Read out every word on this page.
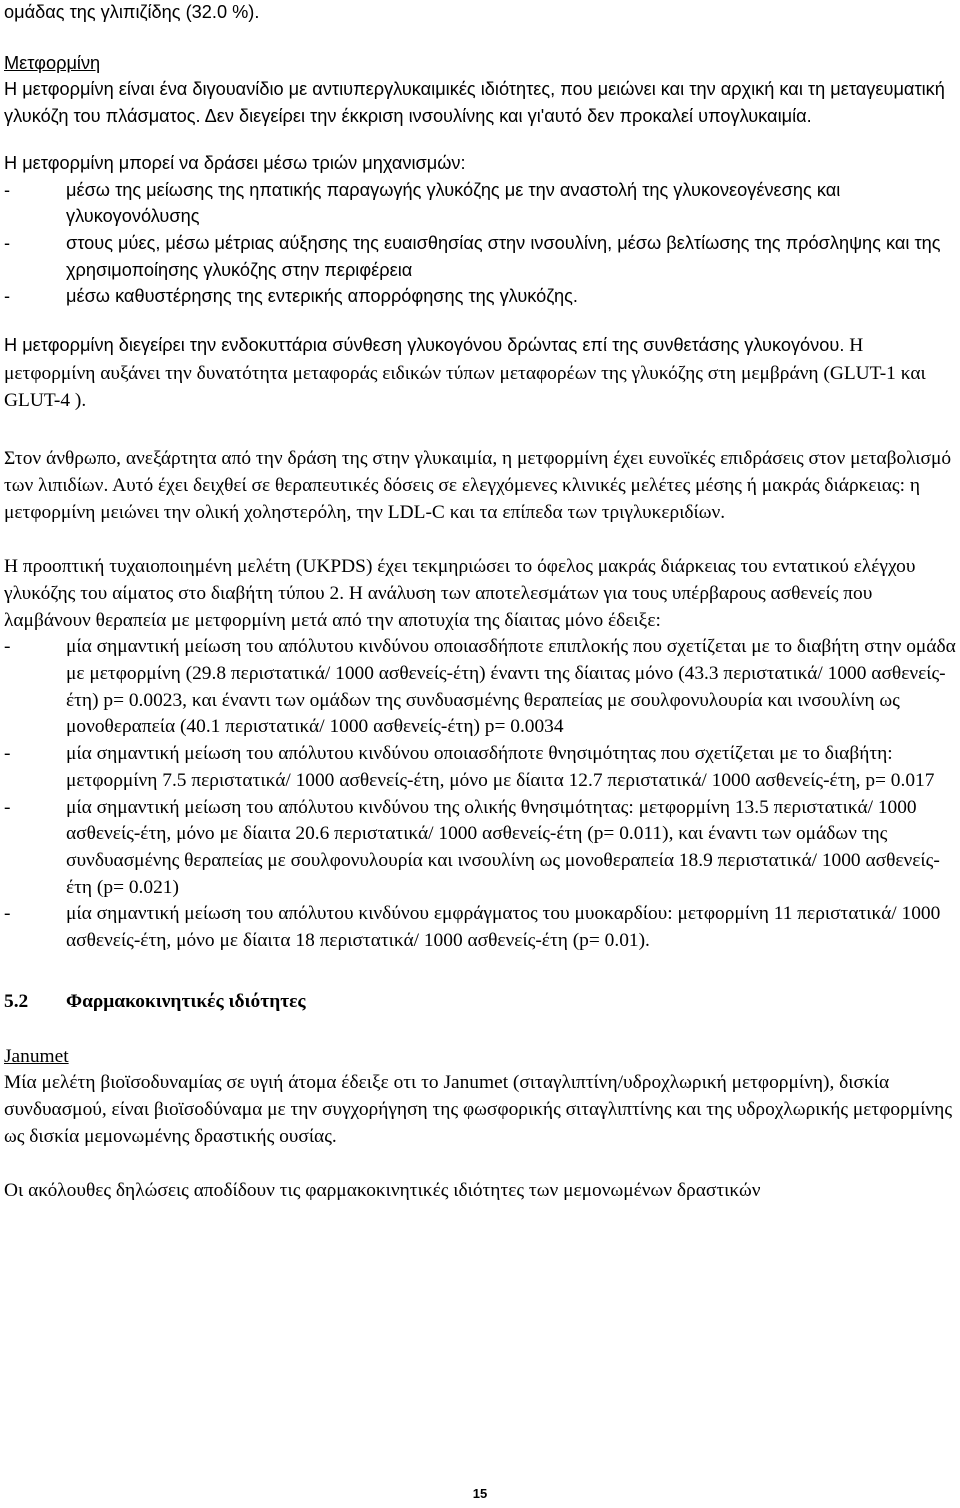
ομάδας της γλιπιζίδης (32.0 %).

Μετφορμίνη

Η μετφορμίνη είναι ένα διγουανίδιο με αντιυπεργλυκαιμικές ιδιότητες, που μειώνει και την αρχική και τη μεταγευματική γλυκόζη του πλάσματος. Δεν διεγείρει την έκκριση ινσουλίνης και γι'αυτό δεν προκαλεί υπογλυκαιμία.

Η μετφορμίνη μπορεί να δράσει μέσω τριών μηχανισμών:

-	μέσω της μείωσης της ηπατικής παραγωγής γλυκόζης με την αναστολή της γλυκονεογένεσης και γλυκογονόλυσης
-	στους μύες, μέσω μέτριας αύξησης της ευαισθησίας στην ινσουλίνη, μέσω βελτίωσης της πρόσληψης και της χρησιμοποίησης γλυκόζης στην περιφέρεια
-	μέσω καθυστέρησης της εντερικής απορρόφησης της γλυκόζης.

Η μετφορμίνη διεγείρει την ενδοκυττάρια σύνθεση γλυκογόνου δρώντας επί της συνθετάσης γλυκογόνου. Η μετφορμίνη αυξάνει την δυνατότητα μεταφοράς ειδικών τύπων μεταφορέων της γλυκόζης στη μεμβράνη (GLUT-1 και GLUT-4 ).

Στον άνθρωπο, ανεξάρτητα από την δράση της στην γλυκαιμία, η μετφορμίνη έχει ευνοϊκές επιδράσεις στον μεταβολισμό των λιπιδίων. Αυτό έχει δειχθεί σε θεραπευτικές δόσεις σε ελεγχόμενες κλινικές μελέτες μέσης ή μακράς διάρκειας: η μετφορμίνη μειώνει την ολική χοληστερόλη, την LDL-C και τα επίπεδα των τριγλυκεριδίων.

Η προοπτική τυχαιοποιημένη μελέτη (UKPDS) έχει τεκμηριώσει το όφελος μακράς διάρκειας του εντατικού ελέγχου γλυκόζης του αίματος στο διαβήτη τύπου 2. Η ανάλυση των αποτελεσμάτων για τους υπέρβαρους ασθενείς που λαμβάνουν θεραπεία με μετφορμίνη μετά από την αποτυχία της δίαιτας μόνο έδειξε:

-	μία σημαντική μείωση του απόλυτου κινδύνου οποιασδήποτε επιπλοκής που σχετίζεται με το διαβήτη στην ομάδα με μετφορμίνη (29.8 περιστατικά/ 1000 ασθενείς-έτη) έναντι της δίαιτας μόνο (43.3 περιστατικά/ 1000 ασθενείς-έτη) p= 0.0023, και έναντι των ομάδων της συνδυασμένης θεραπείας με σουλφονυλουρία και ινσουλίνη ως μονοθεραπεία (40.1 περιστατικά/ 1000 ασθενείς-έτη) p= 0.0034
-	μία σημαντική μείωση του απόλυτου κινδύνου οποιασδήποτε θνησιμότητας που σχετίζεται με το διαβήτη: μετφορμίνη 7.5 περιστατικά/ 1000 ασθενείς-έτη, μόνο με δίαιτα 12.7 περιστατικά/ 1000 ασθενείς-έτη, p= 0.017
-	μία σημαντική μείωση του απόλυτου κινδύνου της ολικής θνησιμότητας: μετφορμίνη 13.5 περιστατικά/ 1000 ασθενείς-έτη, μόνο με δίαιτα 20.6 περιστατικά/ 1000 ασθενείς-έτη (p= 0.011), και έναντι των ομάδων της συνδυασμένης θεραπείας με σουλφονυλουρία και ινσουλίνη ως μονοθεραπεία 18.9 περιστατικά/ 1000 ασθενείς-έτη (p= 0.021)
-	μία σημαντική μείωση του απόλυτου κινδύνου εμφράγματος του μυοκαρδίου: μετφορμίνη 11 περιστατικά/ 1000 ασθενείς-έτη, μόνο με δίαιτα 18 περιστατικά/ 1000 ασθενείς-έτη (p= 0.01).
5.2	Φαρμακοκινητικές ιδιότητες

Janumet

Μία μελέτη βιοϊσοδυναμίας σε υγιή άτομα έδειξε οτι το Janumet (σιταγλιπτίνη/υδροχλωρική μετφορμίνη), δισκία συνδυασμού, είναι βιοϊσοδύναμα με την συγχορήγηση της φωσφορικής σιταγλιπτίνης και της υδροχλωρικής μετφορμίνης ως δισκία μεμονωμένης δραστικής ουσίας.

Οι ακόλουθες δηλώσεις αποδίδουν τις φαρμακοκινητικές ιδιότητες των μεμονωμένων δραστικών

15
